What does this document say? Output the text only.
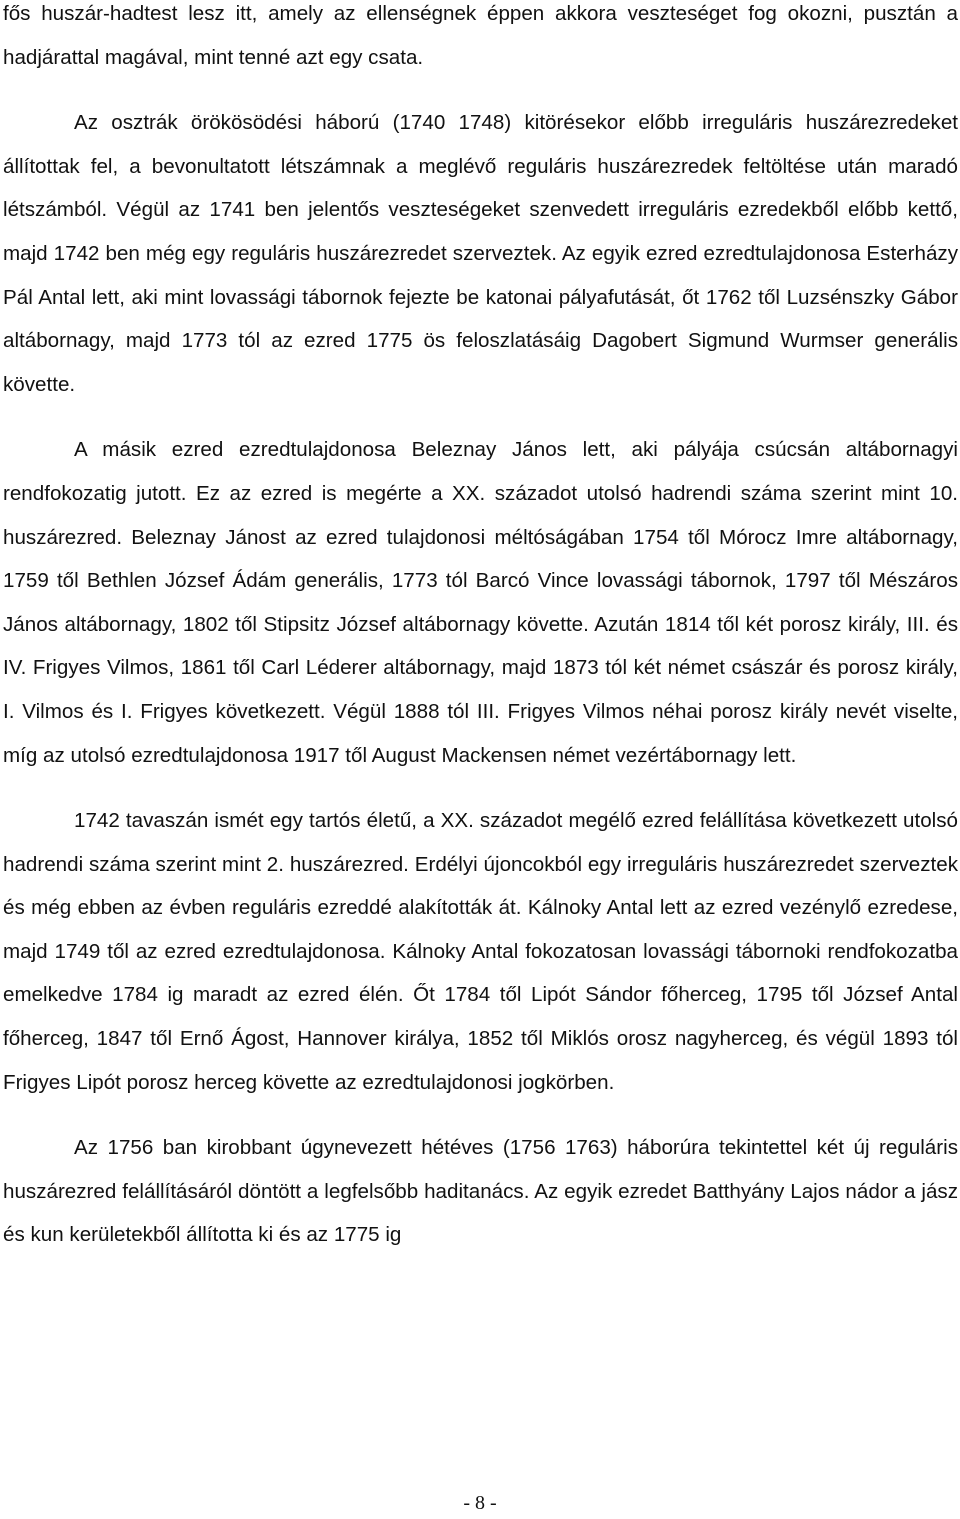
fős huszár-hadtest lesz itt, amely az ellenségnek éppen akkora veszteséget fog okozni, pusztán a hadjárattal magával, mint tenné azt egy csata.

Az osztrák örökösödési háború (1740 1748) kitörésekor előbb irreguláris huszárezredeket állítottak fel, a bevonultatott létszámnak a meglévő reguláris huszárezredek feltöltése után maradó létszámból. Végül az 1741 ben jelentős veszteségeket szenvedett irreguláris ezredekből előbb kettő, majd 1742 ben még egy reguláris huszárezredet szerveztek. Az egyik ezred ezredtulajdonosa Esterházy Pál Antal lett, aki mint lovassági tábornok fejezte be katonai pályafutását, őt 1762 től Luzsénszky Gábor altábornagy, majd 1773 tól az ezred 1775 ös feloszlatásáig Dagobert Sigmund Wurmser generális követte.

A másik ezred ezredtulajdonosa Beleznay János lett, aki pályája csúcsán altábornagyi rendfokozatig jutott. Ez az ezred is megérte a XX. századot utolsó hadrendi száma szerint mint 10. huszárezred. Beleznay Jánost az ezred tulajdonosi méltóságában 1754 től Mórocz Imre altábornagy, 1759 től Bethlen József Ádám generális, 1773 tól Barcó Vince lovassági tábornok, 1797 től Mészáros János altábornagy, 1802 től Stipsitz József altábornagy követte. Azután 1814 től két porosz király, III. és IV. Frigyes Vilmos, 1861 től Carl Léderer altábornagy, majd 1873 tól két német császár és porosz király, I. Vilmos és I. Frigyes következett. Végül 1888 tól III. Frigyes Vilmos néhai porosz király nevét viselte, míg az utolsó ezredtulajdonosa 1917 től August Mackensen német vezértábornagy lett.

1742 tavaszán ismét egy tartós életű, a XX. századot megélő ezred felállítása következett utolsó hadrendi száma szerint mint 2. huszárezred. Erdélyi újoncokból egy irreguláris huszárezredet szerveztek és még ebben az évben reguláris ezreddé alakították át. Kálnoky Antal lett az ezred vezénylő ezredese, majd 1749 től az ezred ezredtulajdonosa. Kálnoky Antal fokozatosan lovassági tábornoki rendfokozatba emelkedve 1784 ig maradt az ezred élén. Őt 1784 től Lipót Sándor főherceg, 1795 től József Antal főherceg, 1847 től Ernő Ágost, Hannover királya, 1852 től Miklós orosz nagyherceg, és végül 1893 tól Frigyes Lipót porosz herceg követte az ezredtulajdonosi jogkörben.

Az 1756 ban kirobbant úgynevezett hétéves (1756 1763) háborúra tekintettel két új reguláris huszárezred felállításáról döntött a legfelsőbb haditanács. Az egyik ezredet Batthyány Lajos nádor a jász és kun kerületekből állította ki és az 1775 ig

- 8 -
